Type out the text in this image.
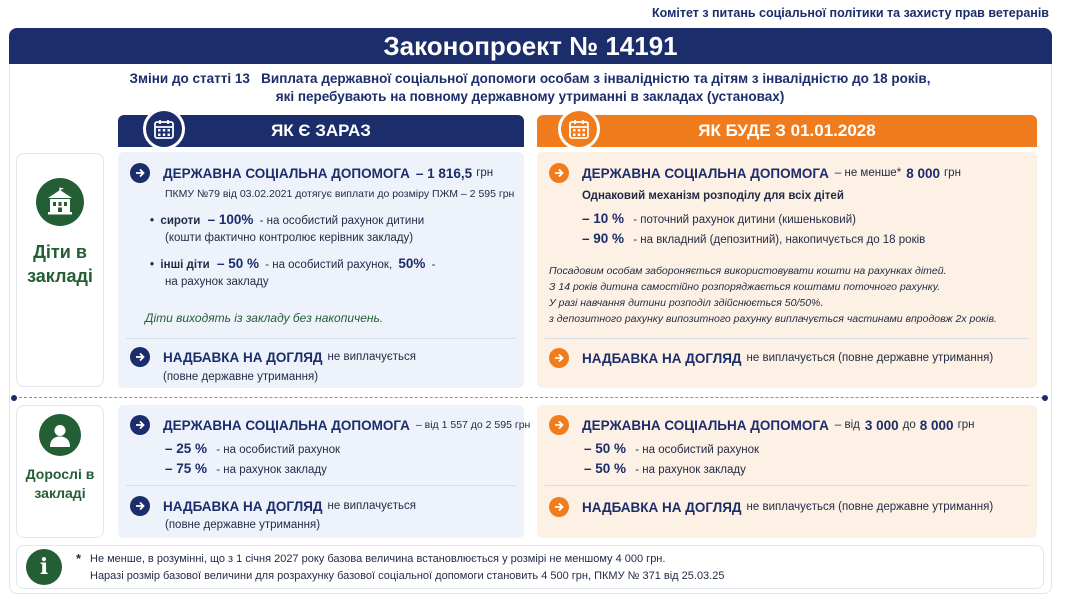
Комітет з питань соціальної політики та захисту прав ветеранів
Законопроект № 14191
Зміни до статті 13 Виплата державної соціальної допомоги особам з інвалідністю та дітям з інвалідністю до 18 років,
які перебувають на повному державному утриманні в закладах (установах)
ЯК Є ЗАРАЗ	ЯК БУДЕ З 01.01.2028
Діти в закладі
Дорослі в закладі
ДЕРЖАВНА СОЦІАЛЬНА ДОПОМОГА – 1 816,5 грн
ПКМУ №79 від 03.02.2021 дотягує виплати до розміру ПЖМ – 2 595 грн
•  сироти – 100% - на особистий рахунок дитини
(кошти фактично контролює керівник закладу)
•  інші діти – 50 % - на особистий рахунок, 50% -
на рахунок закладу
Діти виходять із закладу без накопичень.
НАДБАВКА НА ДОГЛЯД не виплачується
(повне державне утримання)
ДЕРЖАВНА СОЦІАЛЬНА ДОПОМОГА – не менше* 8 000 грн
Однаковий механізм розподілу для всіх дітей
– 10 % - поточний рахунок дитини (кишеньковий)
– 90 % - на вкладний (депозитний), накопичується до 18 років
Посадовим особам забороняється використовувати кошти на рахунках дітей.
З 14 років дитина самостійно розпоряджається коштами поточного рахунку.
У разі навчання дитини розподіл здійснюється 50/50%.
з депозитного рахунку випозитного рахунку виплачується частинами впродовж 2х років.
НАДБАВКА НА ДОГЛЯД не виплачується (повне державне утримання)
ДЕРЖАВНА СОЦІАЛЬНА ДОПОМОГА – від 1 557 до 2 595 грн
– 25 % - на особистий рахунок
– 75 % - на рахунок закладу
НАДБАВКА НА ДОГЛЯД не виплачується
(повне державне утримання)
ДЕРЖАВНА СОЦІАЛЬНА ДОПОМОГА – від 3 000 до 8 000 грн
– 50 % - на особистий рахунок
– 50 % - на рахунок закладу
НАДБАВКА НА ДОГЛЯД не виплачується (повне державне утримання)
i	* Не менше, в розумінні, що з 1 січня 2027 року базова величина встановлюється у розмірі не меншому 4 000 грн.
Наразі розмір базової величини для розрахунку базової соціальної допомоги становить 4 500 грн, ПКМУ № 371 від 25.03.25
